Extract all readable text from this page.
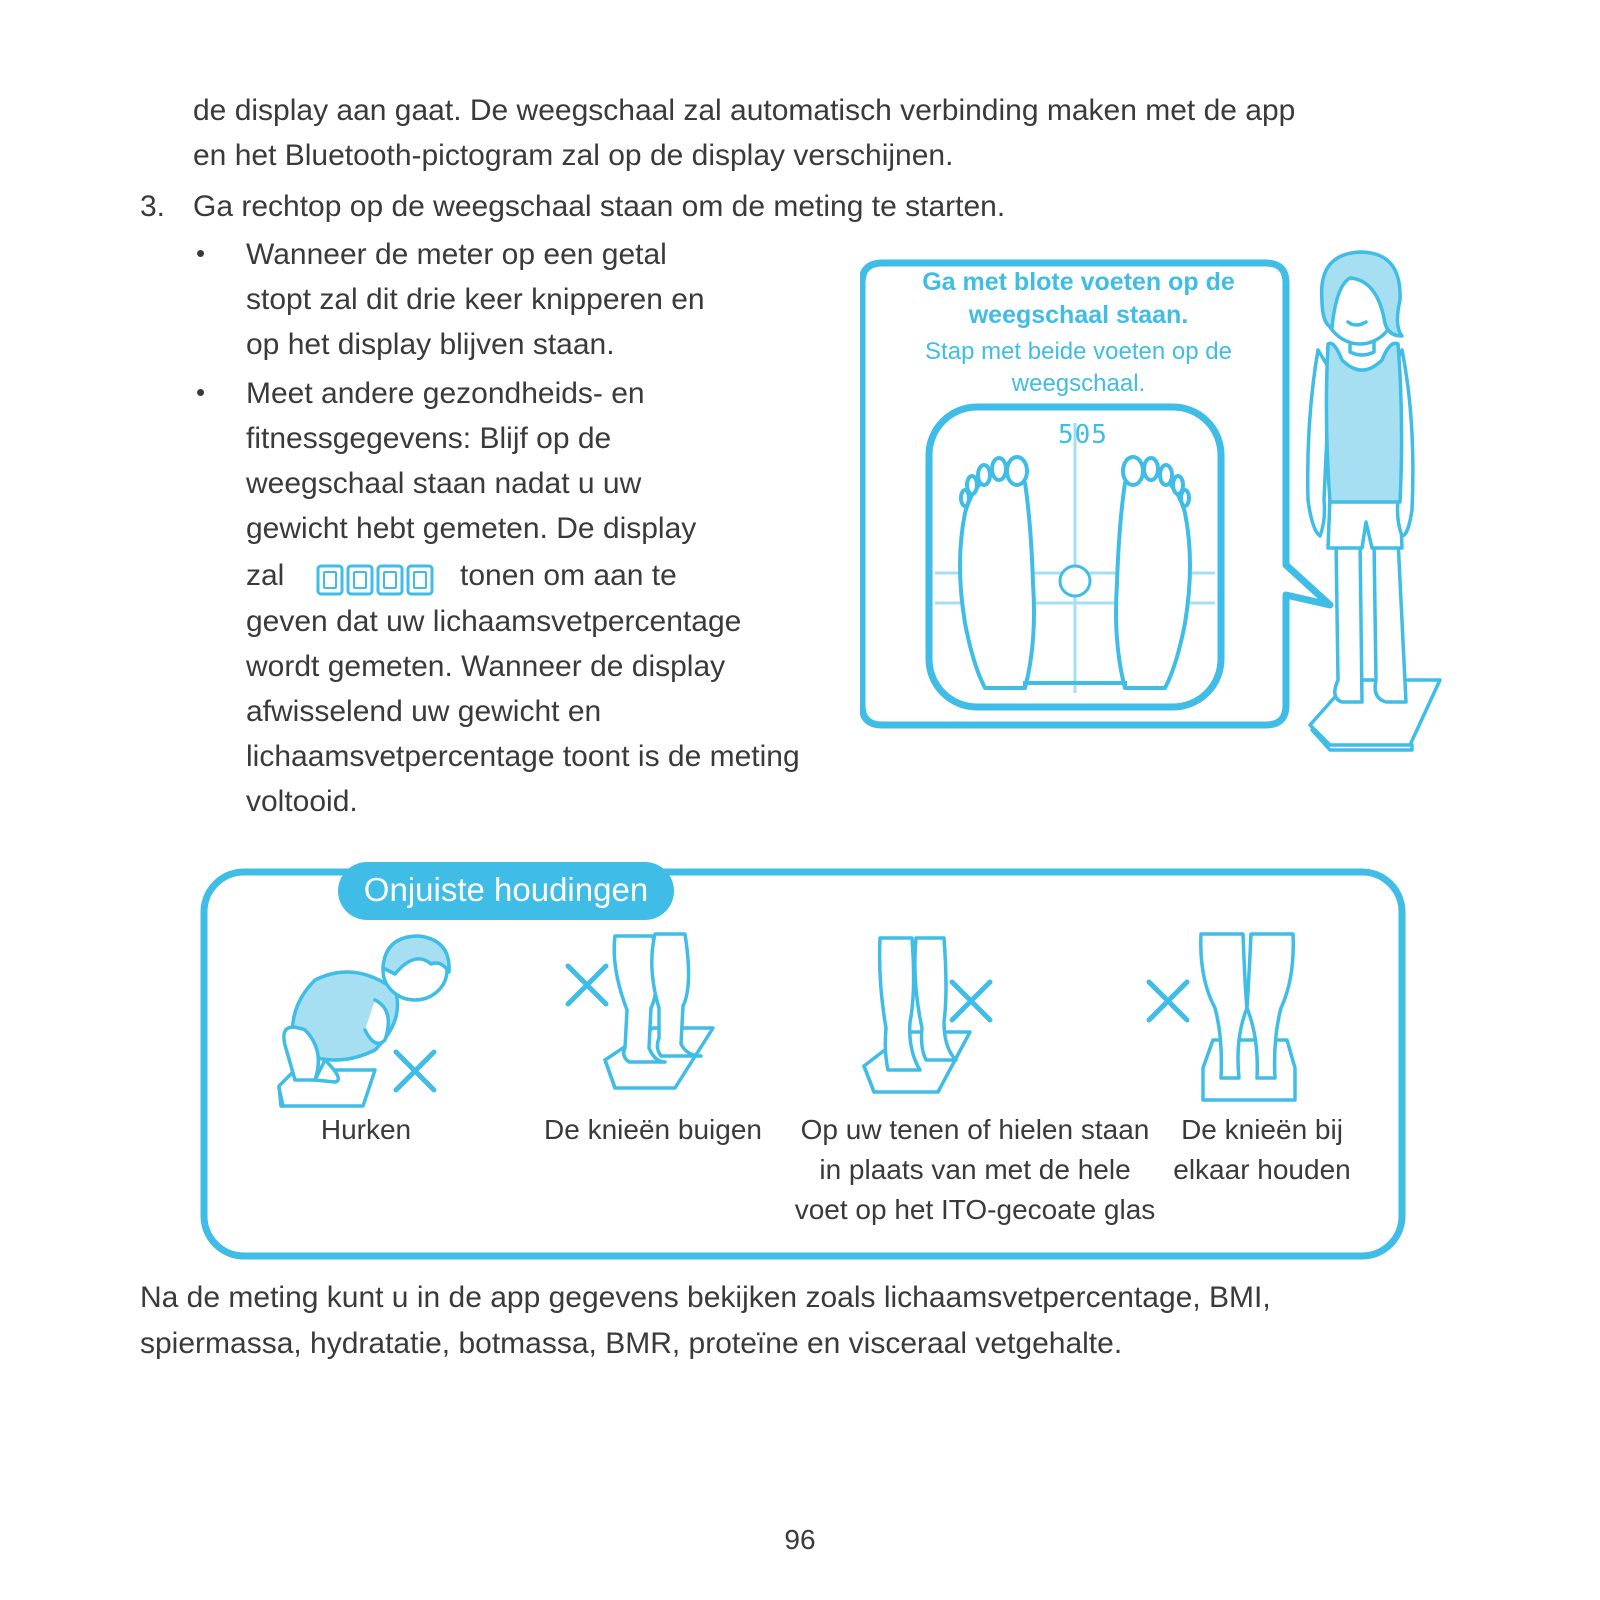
de display aan gaat. De weegschaal zal automatisch verbinding maken met de app
en het Bluetooth-pictogram zal op de display verschijnen.
3. Ga rechtop op de weegschaal staan om de meting te starten.
• Wanneer de meter op een getal
stopt zal dit drie keer knipperen en
op het display blijven staan.
• Meet andere gezondheids- en
fitnessgegevens: Blijf op de
weegschaal staan nadat u uw
gewicht hebt gemeten. De display
zal	tonen om aan te
geven dat uw lichaamsvetpercentage
wordt gemeten. Wanneer de display
afwisselend uw gewicht en
lichaamsvetpercentage toont is de meting
voltooid.
Ga met blote voeten op de
weegschaal staan.
Stap met beide voeten op de
weegschaal.
505
Onjuiste houdingen
Hurken	De knieën buigen	Op uw tenen of hielen staan
in plaats van met de hele
voet op het ITO-gecoate glas
De knieën bij
elkaar houden
Na de meting kunt u in de app gegevens bekijken zoals lichaamsvetpercentage, BMI,
spiermassa, hydratatie, botmassa, BMR, proteïne en visceraal vetgehalte.
96
